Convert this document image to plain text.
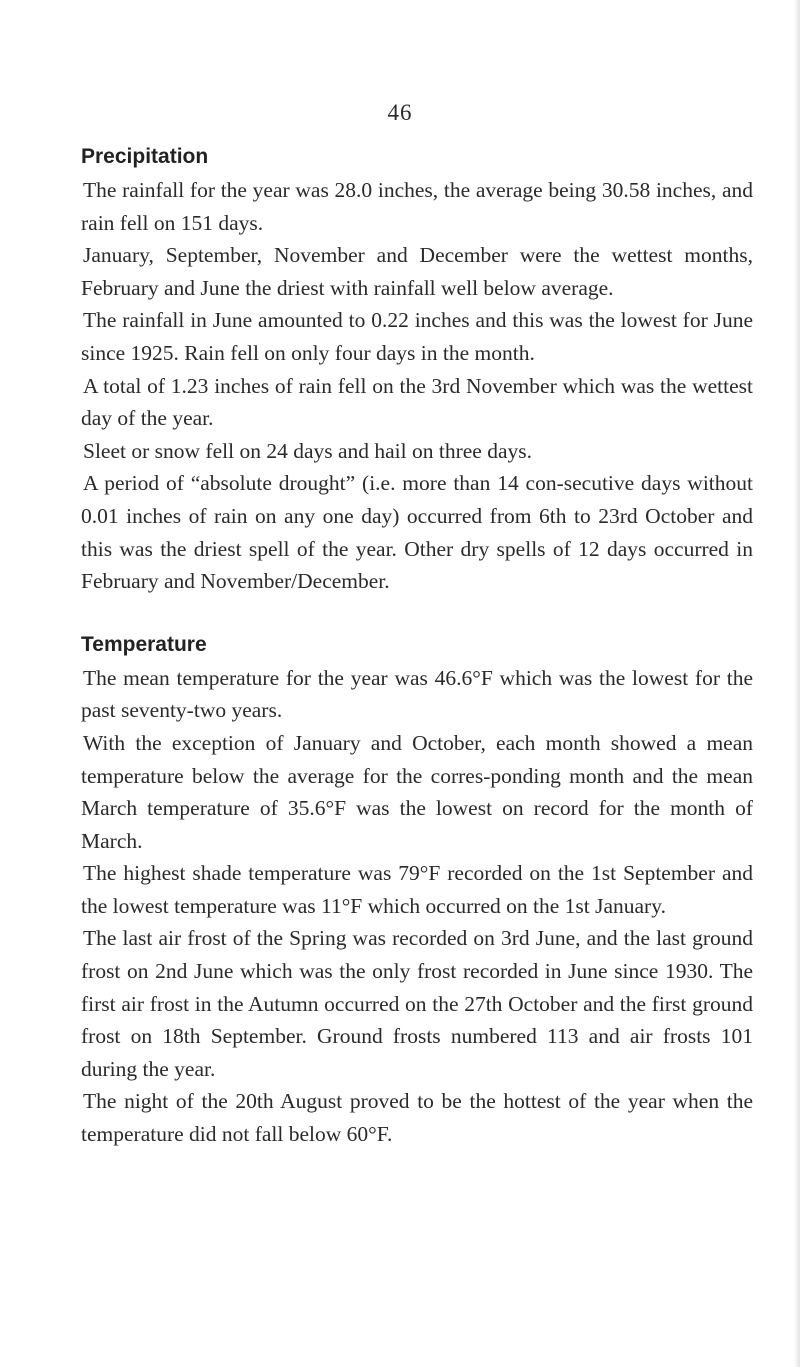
46
Precipitation

The rainfall for the year was 28.0 inches, the average being 30.58 inches, and rain fell on 151 days.

January, September, November and December were the wettest months, February and June the driest with rainfall well below average.

The rainfall in June amounted to 0.22 inches and this was the lowest for June since 1925. Rain fell on only four days in the month.

A total of 1.23 inches of rain fell on the 3rd November which was the wettest day of the year.

Sleet or snow fell on 24 days and hail on three days.

A period of “absolute drought” (i.e. more than 14 con-secutive days without 0.01 inches of rain on any one day) occurred from 6th to 23rd October and this was the driest spell of the year. Other dry spells of 12 days occurred in February and November/December.

Temperature

The mean temperature for the year was 46.6°F which was the lowest for the past seventy-two years.

With the exception of January and October, each month showed a mean temperature below the average for the corres-ponding month and the mean March temperature of 35.6°F was the lowest on record for the month of March.

The highest shade temperature was 79°F recorded on the 1st September and the lowest temperature was 11°F which occurred on the 1st January.

The last air frost of the Spring was recorded on 3rd June, and the last ground frost on 2nd June which was the only frost recorded in June since 1930. The first air frost in the Autumn occurred on the 27th October and the first ground frost on 18th September. Ground frosts numbered 113 and air frosts 101 during the year.

The night of the 20th August proved to be the hottest of the year when the temperature did not fall below 60°F.
